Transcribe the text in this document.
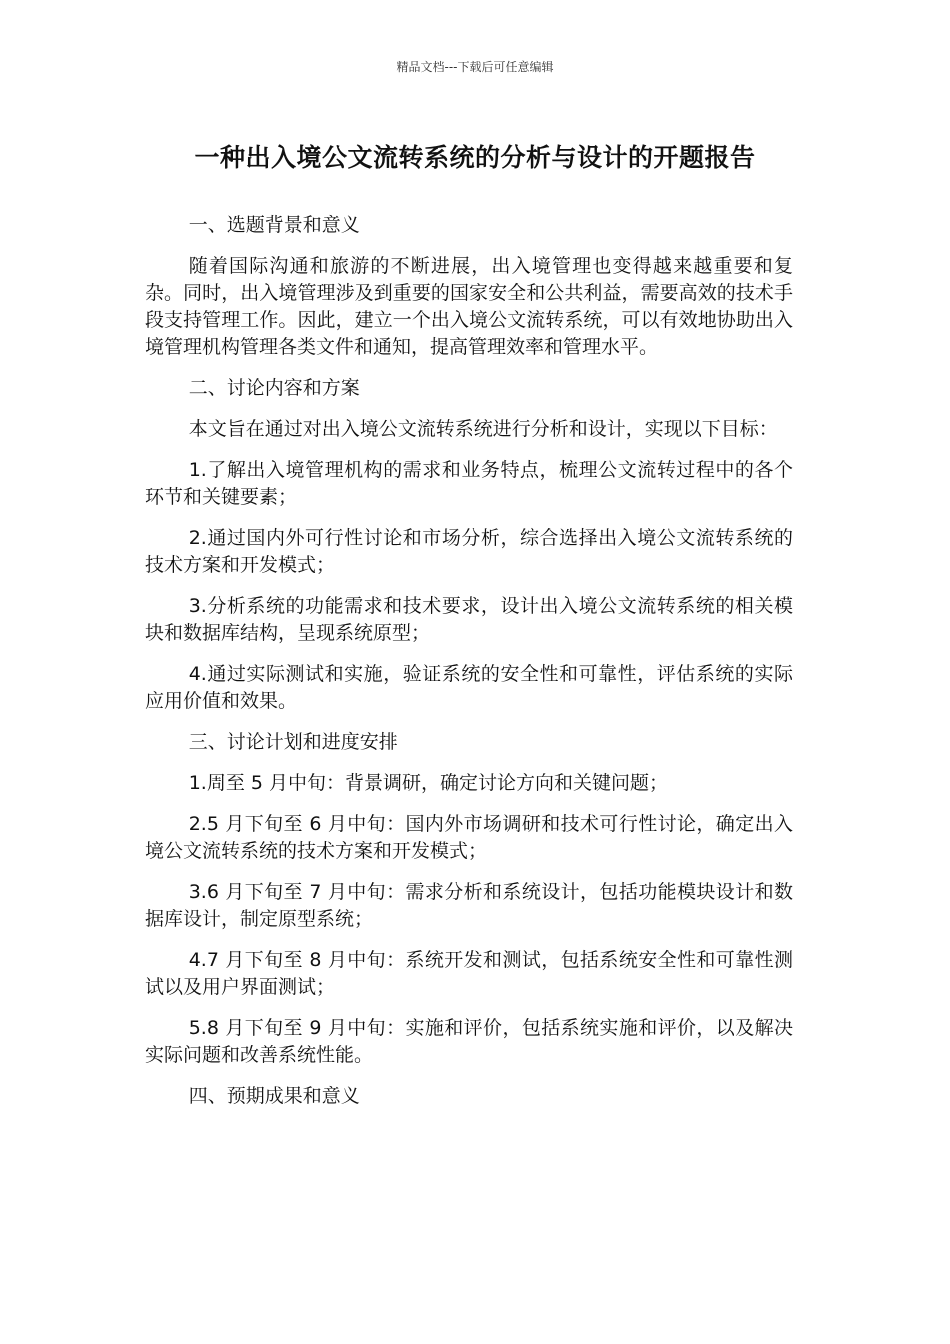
精品文档---下载后可任意编辑
一种出入境公文流转系统的分析与设计的开题报告

一、选题背景和意义

随着国际沟通和旅游的不断进展，出入境管理也变得越来越重要和复杂。同时，出入境管理涉及到重要的国家安全和公共利益，需要高效的技术手段支持管理工作。因此，建立一个出入境公文流转系统，可以有效地协助出入境管理机构管理各类文件和通知，提高管理效率和管理水平。

二、讨论内容和方案

本文旨在通过对出入境公文流转系统进行分析和设计，实现以下目标：

1.了解出入境管理机构的需求和业务特点，梳理公文流转过程中的各个环节和关键要素；

2.通过国内外可行性讨论和市场分析，综合选择出入境公文流转系统的技术方案和开发模式；

3.分析系统的功能需求和技术要求，设计出入境公文流转系统的相关模块和数据库结构，呈现系统原型；

4.通过实际测试和实施，验证系统的安全性和可靠性，评估系统的实际应用价值和效果。

三、讨论计划和进度安排

1.周至 5 月中旬：背景调研，确定讨论方向和关键问题；

2.5 月下旬至 6 月中旬：国内外市场调研和技术可行性讨论，确定出入境公文流转系统的技术方案和开发模式；

3.6 月下旬至 7 月中旬：需求分析和系统设计，包括功能模块设计和数据库设计，制定原型系统；

4.7 月下旬至 8 月中旬：系统开发和测试，包括系统安全性和可靠性测试以及用户界面测试；

5.8 月下旬至 9 月中旬：实施和评价，包括系统实施和评价，以及解决实际问题和改善系统性能。

四、预期成果和意义
